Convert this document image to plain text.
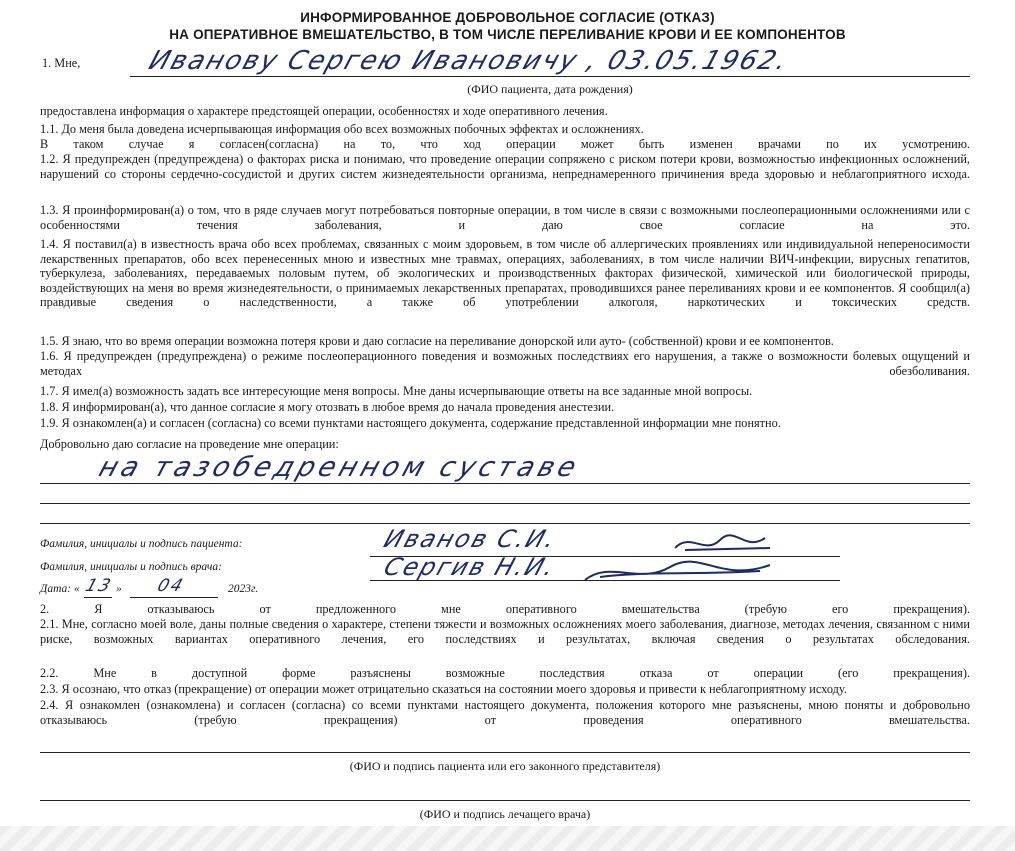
ИНФОРМИРОВАННОЕ ДОБРОВОЛЬНОЕ СОГЛАСИЕ (ОТКАЗ)
НА ОПЕРАТИВНОЕ ВМЕШАТЕЛЬСТВО, В ТОМ ЧИСЛЕ ПЕРЕЛИВАНИЕ КРОВИ И ЕЕ КОМПОНЕНТОВ
1. Мне,	Иванову Сергею Ивановичу , 03.05.1962.
(ФИО пациента, дата рождения)
предоставлена информация о характере предстоящей операции, особенностях и ходе оперативного лечения.
1.1. До меня была доведена исчерпывающая информация обо всех возможных побочных эффектах и осложнениях.
В таком случае я согласен(согласна) на то, что ход операции может быть изменен врачами по их усмотрению.
1.2. Я предупрежден (предупреждена) о факторах риска и понимаю, что проведение операции сопряжено с риском потери крови, возможностью инфекционных осложнений, нарушений со стороны сердечно-сосудистой и других систем жизнедеятельности организма, непреднамеренного причинения вреда здоровью и неблагоприятного исхода.
1.3. Я проинформирован(а) о том, что в ряде случаев могут потребоваться повторные операции, в том числе в связи с возможными послеоперационными осложнениями или с особенностями течения заболевания, и даю свое согласие на это.
1.4. Я поставил(а) в известность врача обо всех проблемах, связанных с моим здоровьем, в том числе об аллергических проявлениях или индивидуальной непереносимости лекарственных препаратов, обо всех перенесенных мною и известных мне травмах, операциях, заболеваниях, в том числе наличии ВИЧ-инфекции, вирусных гепатитов, туберкулеза, заболеваниях, передаваемых половым путем, об экологических и производственных факторах физической, химической или биологической природы, воздействующих на меня во время жизнедеятельности, о принимаемых лекарственных препаратах, проводившихся ранее переливаниях крови и ее компонентов. Я сообщил(а) правдивые сведения о наследственности, а также об употреблении алкоголя, наркотических и токсических средств.
1.5. Я знаю, что во время операции возможна потеря крови и даю согласие на переливание донорской или ауто- (собственной) крови и ее компонентов.
1.6. Я предупрежден (предупреждена) о режиме послеоперационного поведения и возможных последствиях его нарушения, а также о возможности болевых ощущений и методах обезболивания.
1.7. Я имел(а) возможность задать все интересующие меня вопросы. Мне даны исчерпывающие ответы на все заданные мной вопросы.
1.8. Я информирован(а), что данное согласие я могу отозвать в любое время до начала проведения анестезии.
1.9. Я ознакомлен(а) и согласен (согласна) со всеми пунктами настоящего документа, содержание представленной информации мне понятно.
Добровольно даю согласие на проведение мне операции:
на тазобедренном суставе
Фамилия, инициалы и подпись пациента:	Иванов С.И.
Фамилия, инициалы и подпись врача:	Сергив Н.И.
Дата: « 13 »	04	2023г.
2. Я отказываюсь от предложенного мне оперативного вмешательства (требую его прекращения).
2.1. Мне, согласно моей воле, даны полные сведения о характере, степени тяжести и возможных осложнениях моего заболевания, диагнозе, методах лечения, связанном с ними риске, возможных вариантах оперативного лечения, его последствиях и результатах, включая сведения о результатах обследования.
2.2. Мне в доступной форме разъяснены возможные последствия отказа от операции (его прекращения).
2.3. Я осознаю, что отказ (прекращение) от операции может отрицательно сказаться на состоянии моего здоровья и привести к неблагоприятному исходу.
2.4. Я ознакомлен (ознакомлена) и согласен (согласна) со всеми пунктами настоящего документа, положения которого мне разъяснены, мною поняты и добровольно отказываюсь (требую прекращения) от проведения оперативного вмешательства.
(ФИО и подпись пациента или его законного представителя)
(ФИО и подпись лечащего врача)
